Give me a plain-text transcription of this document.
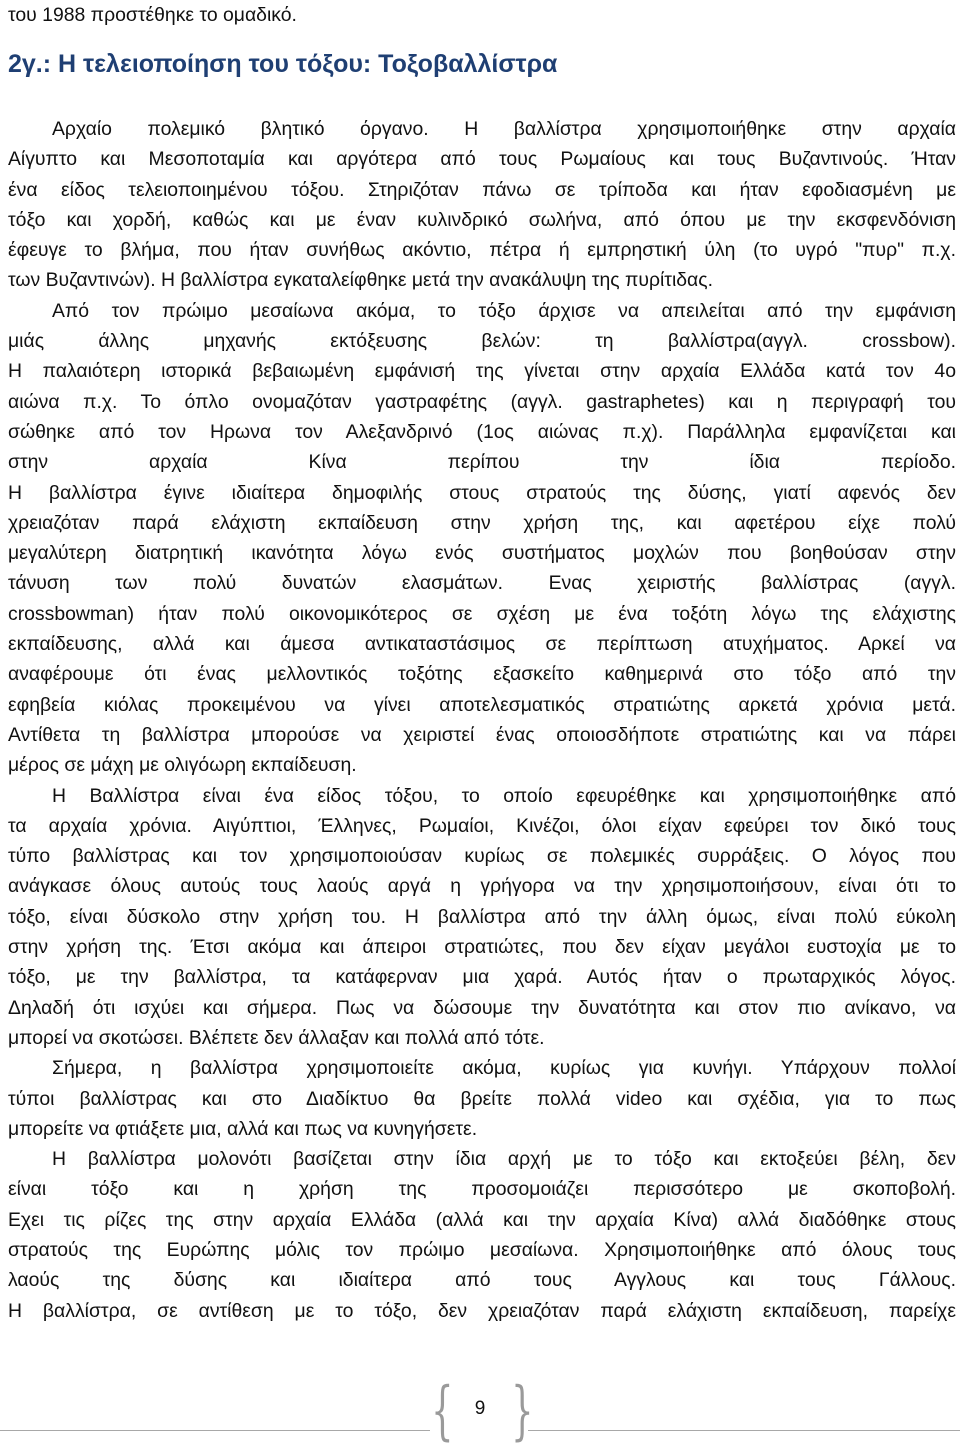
του 1988 προστέθηκε το ομαδικό.
2γ.: Η τελειοποίηση του τόξου: Τοξοβαλλίστρα
Αρχαίο πολεμικό βλητικό όργανο. Η βαλλίστρα χρησιμοποιήθηκε στην αρχαία
Αίγυπτο και Μεσοποταμία και αργότερα από τους Ρωμαίους και τους Βυζαντινούς. Ήταν
ένα είδος τελειοποιημένου τόξου. Στηριζόταν πάνω σε τρίποδα και ήταν εφοδιασμένη με
τόξο και χορδή, καθώς και με έναν κυλινδρικό σωλήνα, από όπου με την εκσφενδόνιση
έφευγε το βλήμα, που ήταν συνήθως ακόντιο, πέτρα ή εμπρηστική ύλη (το υγρό "πυρ" π.χ.
των Βυζαντινών). Η βαλλίστρα εγκαταλείφθηκε μετά την ανακάλυψη της πυρίτιδας.
Από τον πρώιμο μεσαίωνα ακόμα, το τόξο άρχισε να απειλείται από την εμφάνιση
μιάς άλλης μηχανής εκτόξευσης βελών: τη βαλλίστρα(αγγλ. crossbow).
Η παλαιότερη ιστορικά βεβαιωμένη εμφάνισή της γίνεται στην αρχαία Ελλάδα κατά τον 4ο
αιώνα π.χ. Το όπλο ονομαζόταν γαστραφέτης (αγγλ. gastraphetes) και η περιγραφή του
σώθηκε από τον Ηρωνα τον Αλεξανδρινό (1ος αιώνας π.χ). Παράλληλα εμφανίζεται και
στην αρχαία Κίνα περίπου την ίδια περίοδο.
Η βαλλίστρα έγινε ιδιαίτερα δημοφιλής στους στρατούς της δύσης, γιατί αφενός δεν
χρειαζόταν παρά ελάχιστη εκπαίδευση στην χρήση της, και αφετέρου είχε πολύ
μεγαλύτερη διατρητική ικανότητα λόγω ενός συστήματος μοχλών που βοηθούσαν στην
τάνυση των πολύ δυνατών ελασμάτων. Ενας χειριστής βαλλίστρας (αγγλ.
crossbowman) ήταν πολύ οικονομικότερος σε σχέση με ένα τοξότη λόγω της ελάχιστης
εκπαίδευσης, αλλά και άμεσα αντικαταστάσιμος σε περίπτωση ατυχήματος. Αρκεί να
αναφέρουμε ότι ένας μελλοντικός τοξότης εξασκείτο καθημερινά στο τόξο από την
εφηβεία κιόλας προκειμένου να γίνει αποτελεσματικός στρατιώτης αρκετά χρόνια μετά.
Αντίθετα τη βαλλίστρα μπορούσε να χειριστεί ένας οποιοσδήποτε στρατιώτης και να πάρει
μέρος σε μάχη με ολιγόωρη εκπαίδευση.
Η Βαλλίστρα είναι ένα είδος τόξου, το οποίο εφευρέθηκε και χρησιμοποιήθηκε από
τα αρχαία χρόνια. Αιγύπτιοι, Έλληνες, Ρωμαίοι, Κινέζοι, όλοι είχαν εφεύρει τον δικό τους
τύπο βαλλίστρας και τον χρησιμοποιούσαν κυρίως σε πολεμικές συρράξεις. Ο λόγος που
ανάγκασε όλους αυτούς τους λαούς αργά η γρήγορα να την χρησιμοποιήσουν, είναι ότι το
τόξο, είναι δύσκολο στην χρήση του. Η βαλλίστρα από την άλλη όμως, είναι πολύ εύκολη
στην χρήση της. Έτσι ακόμα και άπειροι στρατιώτες, που δεν είχαν μεγάλοι ευστοχία με το
τόξο, με την βαλλίστρα, τα κατάφερναν μια χαρά. Αυτός ήταν ο πρωταρχικός λόγος.
Δηλαδή ότι ισχύει και σήμερα. Πως να δώσουμε την δυνατότητα και στον πιο ανίκανο, να
μπορεί να σκοτώσει. Βλέπετε δεν άλλαξαν και πολλά από τότε.
Σήμερα, η βαλλίστρα χρησιμοποιείτε ακόμα, κυρίως για κυνήγι. Υπάρχουν πολλοί
τύποι βαλλίστρας και στο Διαδίκτυο θα βρείτε πολλά video και σχέδια, για το πως
μπορείτε να φτιάξετε μια, αλλά και πως να κυνηγήσετε.
Η βαλλίστρα μολονότι βασίζεται στην ίδια αρχή με το τόξο και εκτοξεύει βέλη, δεν
είναι τόξο και η χρήση της προσομοιάζει περισσότερο με σκοποβολή.
Εχει τις ρίζες της στην αρχαία Ελλάδα (αλλά και την αρχαία Κίνα) αλλά διαδόθηκε στους
στρατούς της Ευρώπης μόλις τον πρώιμο μεσαίωνα. Χρησιμοποιήθηκε από όλους τους
λαούς της δύσης και ιδιαίτερα από τους Αγγλους και τους Γάλλους.
Η βαλλίστρα, σε αντίθεση με το τόξο, δεν χρειαζόταν παρά ελάχιστη εκπαίδευση, παρείχε
{	9 }
